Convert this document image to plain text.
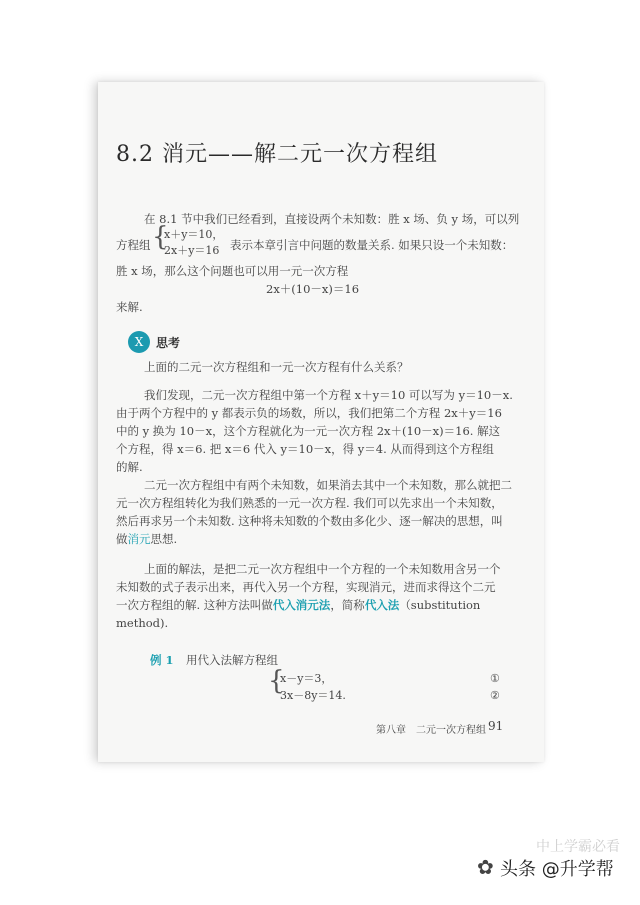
8.2 消元——解二元一次方程组
在 8.1 节中我们已经看到，直接设两个未知数：胜 x 场、负 y 场，可以列
方程组 {
x＋y＝10，
2x＋y＝16 表示本章引言中问题的数量关系. 如果只设一个未知数：
胜 x 场，那么这个问题也可以用一元一次方程
2x＋(10－x)＝16
来解.
X	思考
上面的二元一次方程组和一元一次方程有什么关系？
我们发现，二元一次方程组中第一个方程 x＋y＝10 可以写为 y＝10－x.
由于两个方程中的 y 都表示负的场数，所以，我们把第二个方程 2x＋y＝16
中的 y 换为 10－x，这个方程就化为一元一次方程 2x＋(10－x)＝16. 解这
个方程，得 x＝6. 把 x＝6 代入 y＝10－x，得 y＝4. 从而得到这个方程组
的解.
二元一次方程组中有两个未知数，如果消去其中一个未知数，那么就把二
元一次方程组转化为我们熟悉的一元一次方程. 我们可以先求出一个未知数，
然后再求另一个未知数. 这种将未知数的个数由多化少、逐一解决的思想，叫
做消元思想.
上面的解法，是把二元一次方程组中一个方程的一个未知数用含另一个
未知数的式子表示出来，再代入另一个方程，实现消元，进而求得这个二元
一次方程组的解. 这种方法叫做代入消元法，简称代入法（substitution
method).
例 1 用代入法解方程组
{
x－y＝3，
3x－8y＝14.
①
②
第八章　二元一次方程组 91
中上学霸必看
✿ 头条 @升学帮
